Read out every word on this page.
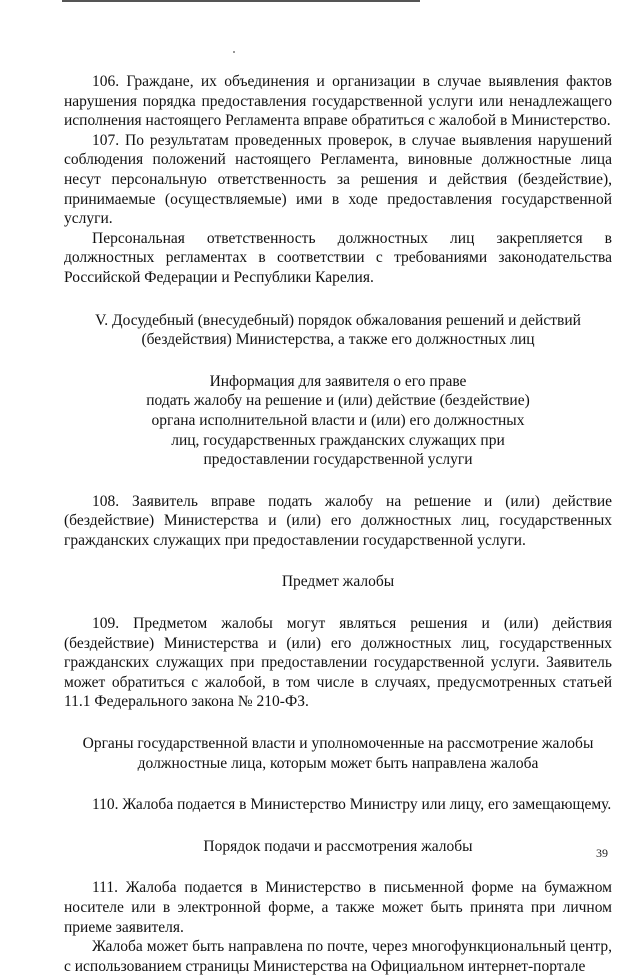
106. Граждане, их объединения и организации в случае выявления фактов нарушения порядка предоставления государственной услуги или ненадлежащего исполнения настоящего Регламента вправе обратиться с жалобой в Министерство.

107. По результатам проведенных проверок, в случае выявления нарушений соблюдения положений настоящего Регламента, виновные должностные лица несут персональную ответственность за решения и действия (бездействие), принимаемые (осуществляемые) ими в ходе предоставления государственной услуги.

Персональная ответственность должностных лиц закрепляется в должностных регламентах в соответствии с требованиями законодательства Российской Федерации и Республики Карелия.

V. Досудебный (внесудебный) порядок обжалования решений и действий
(бездействия) Министерства, а также его должностных лиц

Информация для заявителя о его праве
подать жалобу на решение и (или) действие (бездействие)
органа исполнительной власти и (или) его должностных
лиц, государственных гражданских служащих при
предоставлении государственной услуги

108. Заявитель вправе подать жалобу на решение и (или) действие (бездействие) Министерства и (или) его должностных лиц, государственных гражданских служащих при предоставлении государственной услуги.

Предмет жалобы

109. Предметом жалобы могут являться решения и (или) действия (бездействие) Министерства и (или) его должностных лиц, государственных гражданских служащих при предоставлении государственной услуги. Заявитель может обратиться с жалобой, в том числе в случаях, предусмотренных статьей 11.1 Федерального закона № 210-ФЗ.

Органы государственной власти и уполномоченные на рассмотрение жалобы
должностные лица, которым может быть направлена жалоба

110. Жалоба подается в Министерство Министру или лицу, его замещающему.

Порядок подачи и рассмотрения жалобы

111. Жалоба подается в Министерство в письменной форме на бумажном носителе или в электронной форме, а также может быть принята при личном приеме заявителя.

Жалоба может быть направлена по почте, через многофункциональный центр, с использованием страницы Министерства на Официальном интернет-портале

39
